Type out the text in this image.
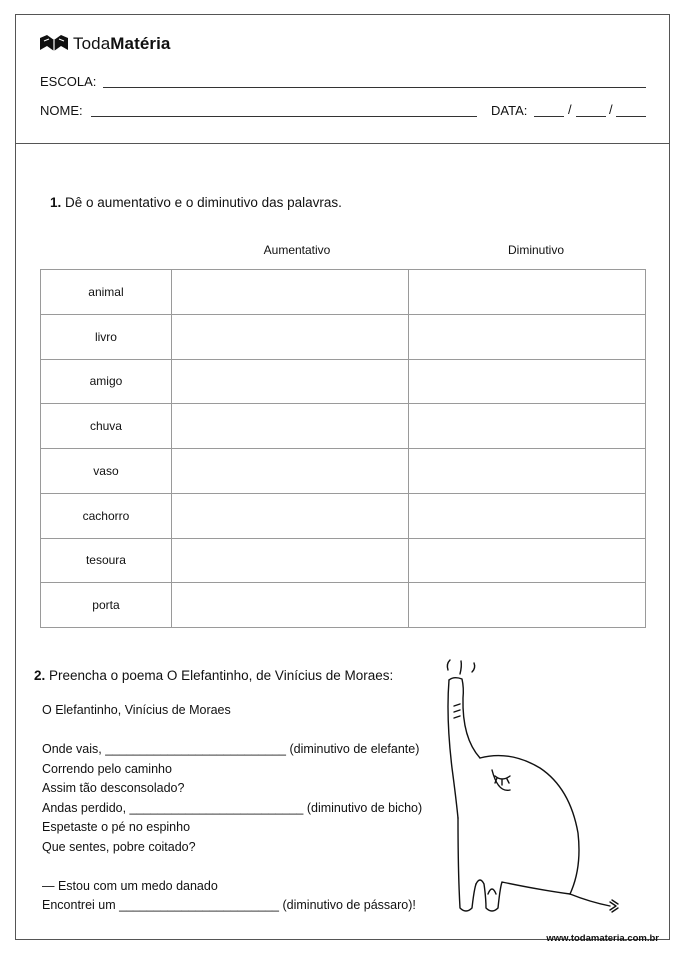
TodaMatéria
ESCOLA:
NOME:	DATA:	/	/
1. Dê o aumentativo e o diminutivo das palavras.
Aumentativo	Diminutivo
animal		
livro		
amigo		
chuva		
vaso		
cachorro		
tesoura		
porta		
2. Preencha o poema O Elefantinho, de Vinícius de Moraes:
O Elefantinho, Vinícius de Moraes
Onde vais, __________________________ (diminutivo de elefante)
Correndo pelo caminho
Assim tão desconsolado?
Andas perdido, _________________________ (diminutivo de bicho)
Espetaste o pé no espinho
Que sentes, pobre coitado?
— Estou com um medo danado
Encontrei um _______________________ (diminutivo de pássaro)!
www.todamateria.com.br
